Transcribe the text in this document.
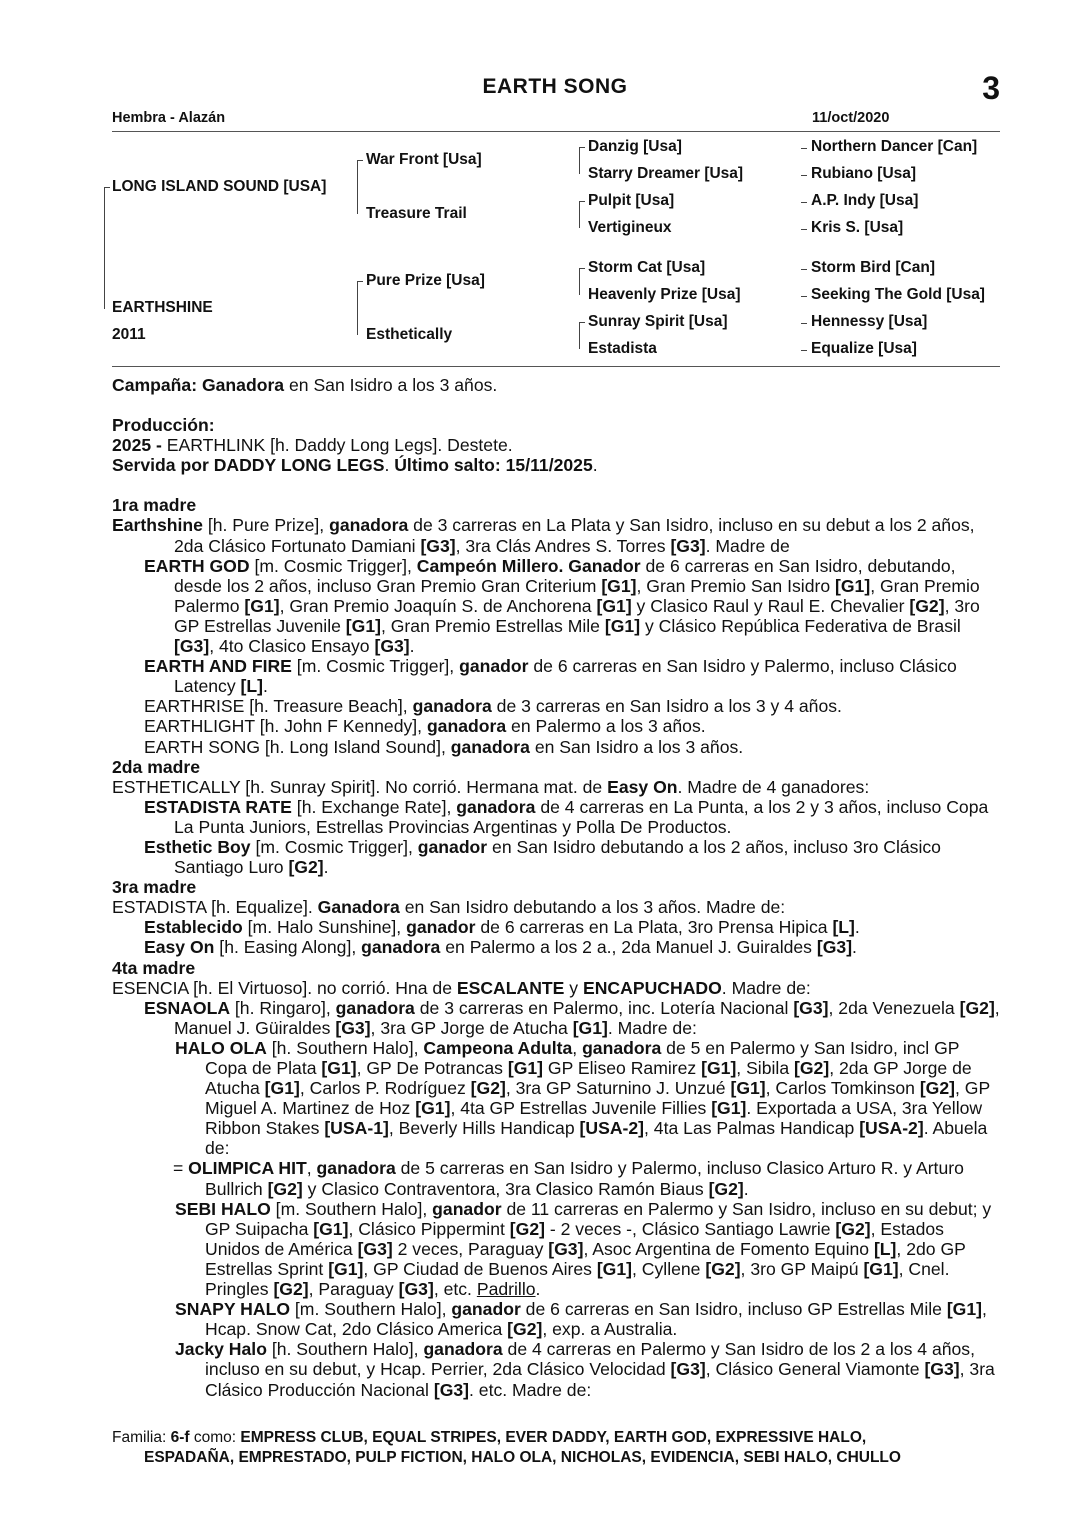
EARTH SONG	3
Hembra - Alazán	11/oct/2020
LONG ISLAND SOUND [USA]
EARTHSHINE
2011
War Front [Usa]
Treasure Trail
Pure Prize [Usa]
Esthetically
Danzig [Usa]
Starry Dreamer [Usa]
Pulpit [Usa]
Vertigineux
Storm Cat [Usa]
Heavenly Prize [Usa]
Sunray Spirit [Usa]
Estadista
Northern Dancer [Can]
Rubiano [Usa]
A.P. Indy [Usa]
Kris S. [Usa]
Storm Bird [Can]
Seeking The Gold [Usa]
Hennessy [Usa]
Equalize [Usa]

Campaña: Ganadora en San Isidro a los 3 años.

Producción:

2025 - EARTHLINK [h. Daddy Long Legs]. Destete.

Servida por DADDY LONG LEGS. Último salto: 15/11/2025.

1ra madre

Earthshine [h. Pure Prize], ganadora de 3 carreras en La Plata y San Isidro, incluso en su debut a los 2 años, 2da Clásico Fortunato Damiani [G3], 3ra Clás Andres S. Torres [G3]. Madre de

EARTH GOD [m. Cosmic Trigger], Campeón Millero. Ganador de 6 carreras en San Isidro, debutando, desde los 2 años, incluso Gran Premio Gran Criterium [G1], Gran Premio San Isidro [G1], Gran Premio Palermo [G1], Gran Premio Joaquín S. de Anchorena [G1] y Clasico Raul y Raul E. Chevalier [G2], 3ro GP Estrellas Juvenile [G1], Gran Premio Estrellas Mile [G1] y Clásico República Federativa de Brasil [G3], 4to Clasico Ensayo [G3].

EARTH AND FIRE [m. Cosmic Trigger], ganador de 6 carreras en San Isidro y Palermo, incluso Clásico Latency [L].

EARTHRISE [h. Treasure Beach], ganadora de 3 carreras en San Isidro a los 3 y 4 años.

EARTHLIGHT [h. John F Kennedy], ganadora en Palermo a los 3 años.

EARTH SONG [h. Long Island Sound], ganadora en San Isidro a los 3 años.

2da madre

ESTHETICALLY [h. Sunray Spirit]. No corrió. Hermana mat. de Easy On. Madre de 4 ganadores:

ESTADISTA RATE [h. Exchange Rate], ganadora de 4 carreras en La Punta, a los 2 y 3 años, incluso Copa La Punta Juniors, Estrellas Provincias Argentinas y Polla De Productos.

Esthetic Boy [m. Cosmic Trigger], ganador en San Isidro debutando a los 2 años, incluso 3ro Clásico Santiago Luro [G2].

3ra madre

ESTADISTA [h. Equalize]. Ganadora en San Isidro debutando a los 3 años. Madre de:

Establecido [m. Halo Sunshine], ganador de 6 carreras en La Plata, 3ro Prensa Hipica [L].

Easy On [h. Easing Along], ganadora en Palermo a los 2 a., 2da Manuel J. Guiraldes [G3].

4ta madre

ESENCIA [h. El Virtuoso]. no corrió. Hna de ESCALANTE y ENCAPUCHADO. Madre de:

ESNAOLA [h. Ringaro], ganadora de 3 carreras en Palermo, inc. Lotería Nacional [G3], 2da Venezuela [G2], Manuel J. Güiraldes [G3], 3ra GP Jorge de Atucha [G1]. Madre de:

HALO OLA [h. Southern Halo], Campeona Adulta, ganadora de 5 en Palermo y San Isidro, incl GP Copa de Plata [G1], GP De Potrancas [G1] GP Eliseo Ramirez [G1], Sibila [G2], 2da GP Jorge de Atucha [G1], Carlos P. Rodríguez [G2], 3ra GP Saturnino J. Unzué [G1], Carlos Tomkinson [G2], GP Miguel A. Martinez de Hoz [G1], 4ta GP Estrellas Juvenile Fillies [G1]. Exportada a USA, 3ra Yellow Ribbon Stakes [USA-1], Beverly Hills Handicap [USA-2], 4ta Las Palmas Handicap [USA-2]. Abuela de:

= OLIMPICA HIT, ganadora de 5 carreras en San Isidro y Palermo, incluso Clasico Arturo R. y Arturo Bullrich [G2] y Clasico Contraventora, 3ra Clasico Ramón Biaus [G2].

SEBI HALO [m. Southern Halo], ganador de 11 carreras en Palermo y San Isidro, incluso en su debut; y GP Suipacha [G1], Clásico Pippermint [G2] - 2 veces -, Clásico Santiago Lawrie [G2], Estados Unidos de América [G3] 2 veces, Paraguay [G3], Asoc Argentina de Fomento Equino [L], 2do GP Estrellas Sprint [G1], GP Ciudad de Buenos Aires [G1], Cyllene [G2], 3ro GP Maipú [G1], Cnel. Pringles [G2], Paraguay [G3], etc. Padrillo.

SNAPY HALO [m. Southern Halo], ganador de 6 carreras en San Isidro, incluso GP Estrellas Mile [G1], Hcap. Snow Cat, 2do Clásico America [G2], exp. a Australia.

Jacky Halo [h. Southern Halo], ganadora de 4 carreras en Palermo y San Isidro de los 2 a los 4 años, incluso en su debut, y Hcap. Perrier, 2da Clásico Velocidad [G3], Clásico General Viamonte [G3], 3ra Clásico Producción Nacional [G3]. etc. Madre de:

Familia: 6-f como: EMPRESS CLUB, EQUAL STRIPES, EVER DADDY, EARTH GOD, EXPRESSIVE HALO,

ESPADAÑA, EMPRESTADO, PULP FICTION, HALO OLA, NICHOLAS, EVIDENCIA, SEBI HALO, CHULLO
